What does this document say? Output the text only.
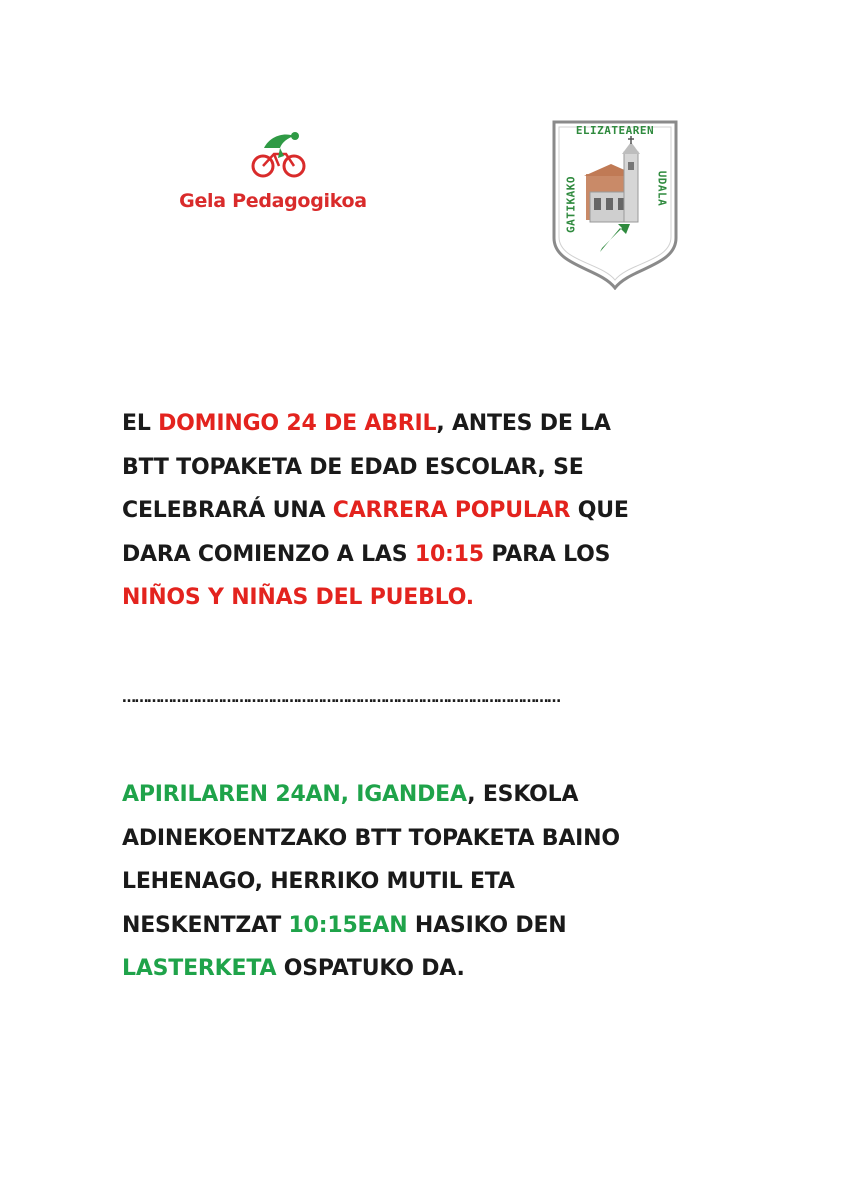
Gela Pedagogikoa
ELIZATEAREN
GATIKAKO	UDALA
EL DOMINGO 24 DE ABRIL, ANTES DE LA
BTT TOPAKETA DE EDAD ESCOLAR, SE
CELEBRARÁ UNA CARRERA POPULAR QUE
DARA COMIENZO A LAS 10:15 PARA LOS
NIÑOS Y NIÑAS DEL PUEBLO.
……………………………………………………………………………………………
APIRILAREN 24AN, IGANDEA, ESKOLA
ADINEKOENTZAKO BTT TOPAKETA BAINO
LEHENAGO, HERRIKO MUTIL ETA
NESKENTZAT 10:15EAN HASIKO DEN
LASTERKETA OSPATUKO DA.
